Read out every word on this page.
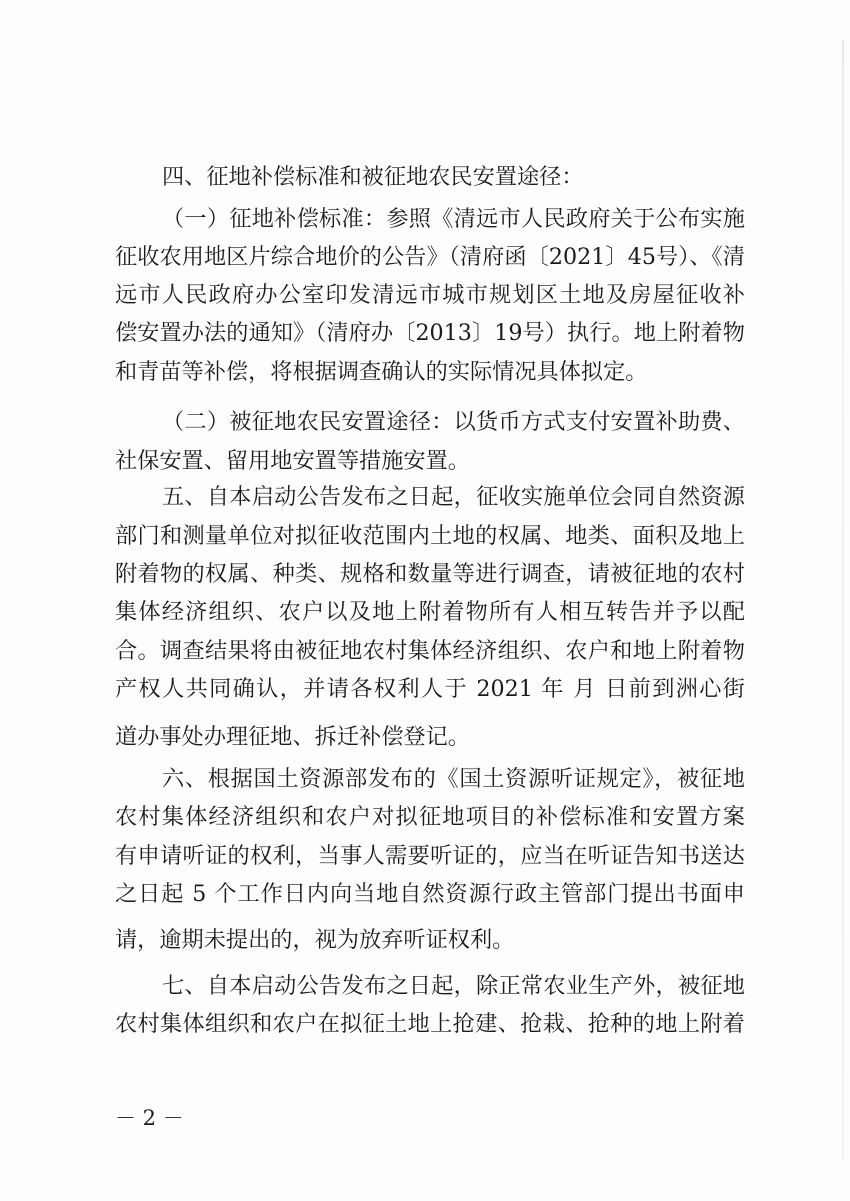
四、征地补偿标准和被征地农民安置途径：
（一）征地补偿标准：参照《清远市人民政府关于公布实施
征收农用地区片综合地价的公告》（清府函〔2021〕45号）、《清
远市人民政府办公室印发清远市城市规划区土地及房屋征收补
偿安置办法的通知》（清府办〔2013〕19号）执行。地上附着物
和青苗等补偿，将根据调查确认的实际情况具体拟定。
（二）被征地农民安置途径：以货币方式支付安置补助费、
社保安置、留用地安置等措施安置。
五、自本启动公告发布之日起，征收实施单位会同自然资源
部门和测量单位对拟征收范围内土地的权属、地类、面积及地上
附着物的权属、种类、规格和数量等进行调查，请被征地的农村
集体经济组织、农户以及地上附着物所有人相互转告并予以配
合。调查结果将由被征地农村集体经济组织、农户和地上附着物
产权人共同确认，并请各权利人于 2021 年 月 日前到洲心街
道办事处办理征地、拆迁补偿登记。
六、根据国土资源部发布的《国土资源听证规定》，被征地
农村集体经济组织和农户对拟征地项目的补偿标准和安置方案
有申请听证的权利，当事人需要听证的，应当在听证告知书送达
之日起 5 个工作日内向当地自然资源行政主管部门提出书面申
请，逾期未提出的，视为放弃听证权利。
七、自本启动公告发布之日起，除正常农业生产外，被征地
农村集体组织和农户在拟征土地上抢建、抢栽、抢种的地上附着
－ 2 －
